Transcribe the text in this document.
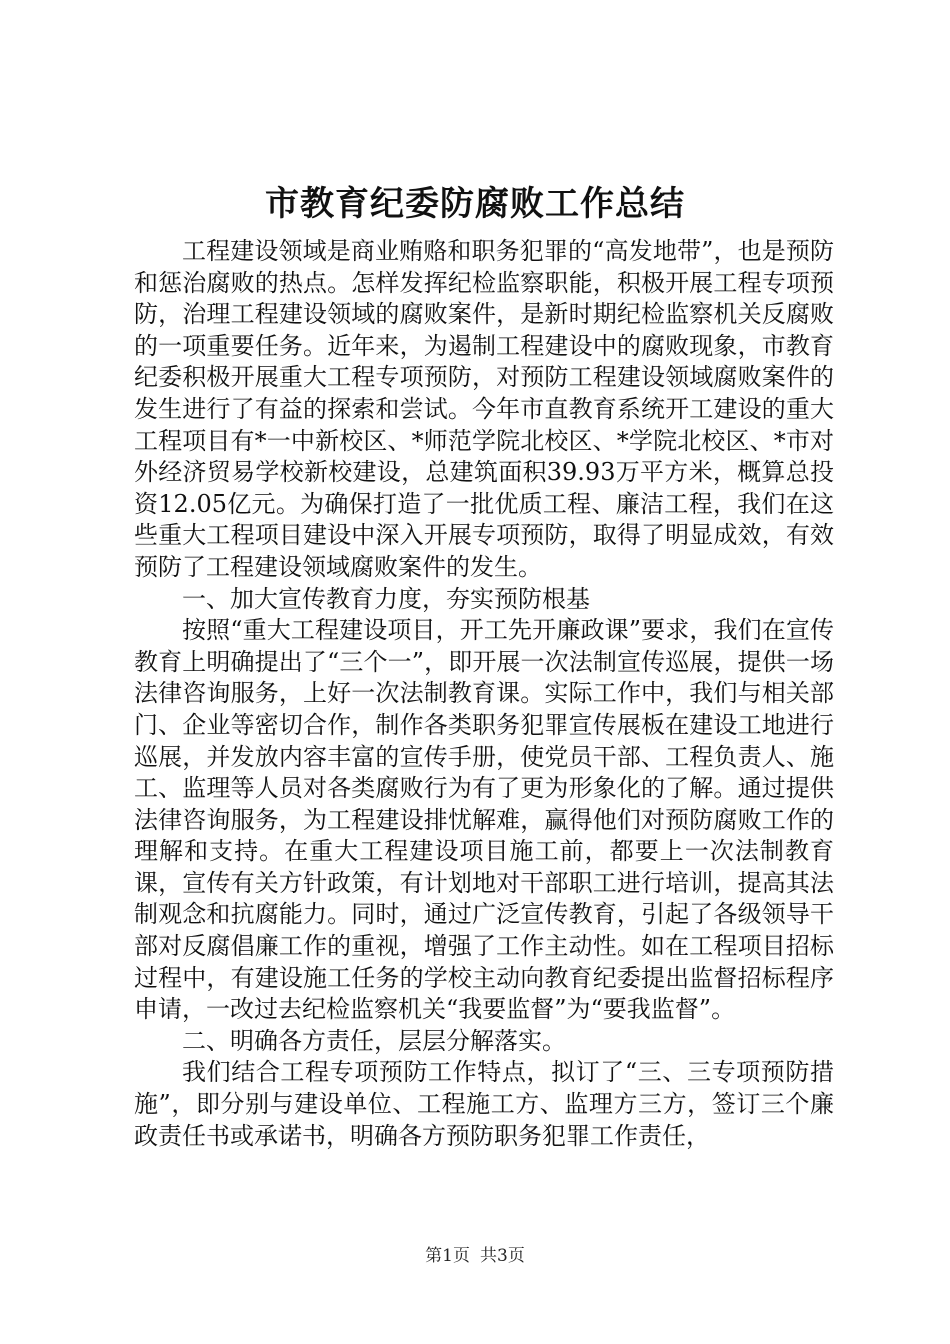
市教育纪委防腐败工作总结

工程建设领域是商业贿赂和职务犯罪的“高发地带”，也是预防和惩治腐败的热点。怎样发挥纪检监察职能，积极开展工程专项预防，治理工程建设领域的腐败案件，是新时期纪检监察机关反腐败的一项重要任务。近年来，为遏制工程建设中的腐败现象，市教育纪委积极开展重大工程专项预防，对预防工程建设领域腐败案件的发生进行了有益的探索和尝试。今年市直教育系统开工建设的重大工程项目有*一中新校区、*师范学院北校区、*学院北校区、*市对外经济贸易学校新校建设，总建筑面积39.93万平方米，概算总投资12.05亿元。为确保打造了一批优质工程、廉洁工程，我们在这些重大工程项目建设中深入开展专项预防，取得了明显成效，有效预防了工程建设领域腐败案件的发生。

一、加大宣传教育力度，夯实预防根基

按照“重大工程建设项目，开工先开廉政课”要求，我们在宣传教育上明确提出了“三个一”，即开展一次法制宣传巡展，提供一场法律咨询服务，上好一次法制教育课。实际工作中，我们与相关部门、企业等密切合作，制作各类职务犯罪宣传展板在建设工地进行巡展，并发放内容丰富的宣传手册，使党员干部、工程负责人、施工、监理等人员对各类腐败行为有了更为形象化的了解。通过提供法律咨询服务，为工程建设排忧解难，赢得他们对预防腐败工作的理解和支持。在重大工程建设项目施工前，都要上一次法制教育课，宣传有关方针政策，有计划地对干部职工进行培训，提高其法制观念和抗腐能力。同时，通过广泛宣传教育，引起了各级领导干部对反腐倡廉工作的重视，增强了工作主动性。如在工程项目招标过程中，有建设施工任务的学校主动向教育纪委提出监督招标程序申请，一改过去纪检监察机关“我要监督”为“要我监督”。

二、明确各方责任，层层分解落实。

我们结合工程专项预防工作特点，拟订了“三、三专项预防措施”，即分别与建设单位、工程施工方、监理方三方，签订三个廉政责任书或承诺书，明确各方预防职务犯罪工作责任，

第1页 共3页
